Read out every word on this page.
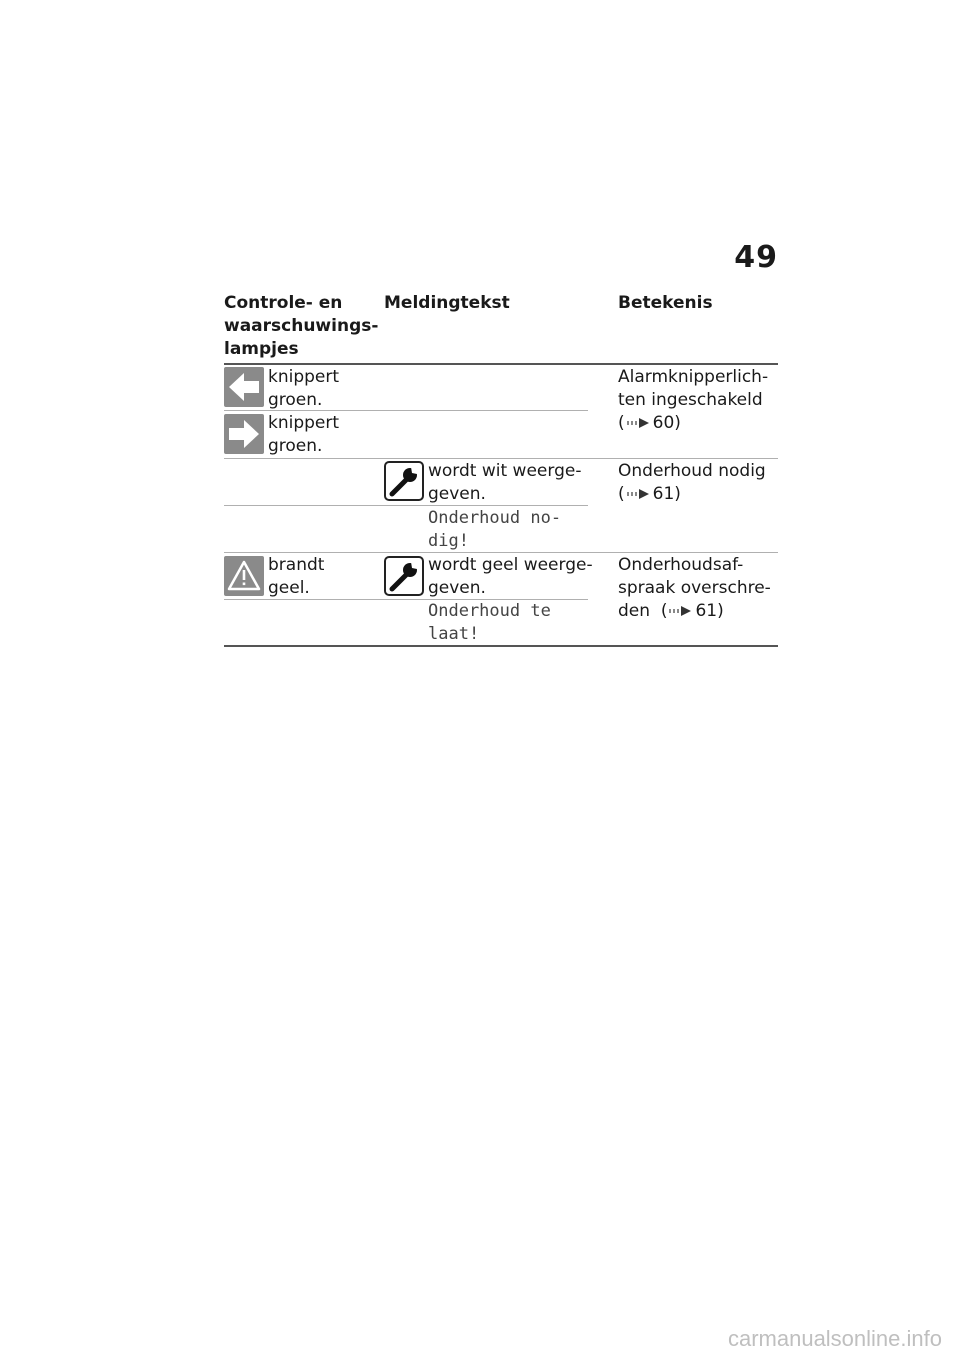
49
Controle- en
waarschuwings-
lampjes
Meldingtekst	Betekenis
knippert
groen.
knippert
groen.
Alarmknipperlich-
ten ingeschakeld
( 60)
wordt wit weerge-
geven.
Onderhoud no-
dig!
Onderhoud nodig
( 61)
brandt
geel.
wordt geel weerge-
geven.
Onderhoud te
laat!
Onderhoudsaf-
spraak overschre-
den ( 61)
carmanualsonline.info
